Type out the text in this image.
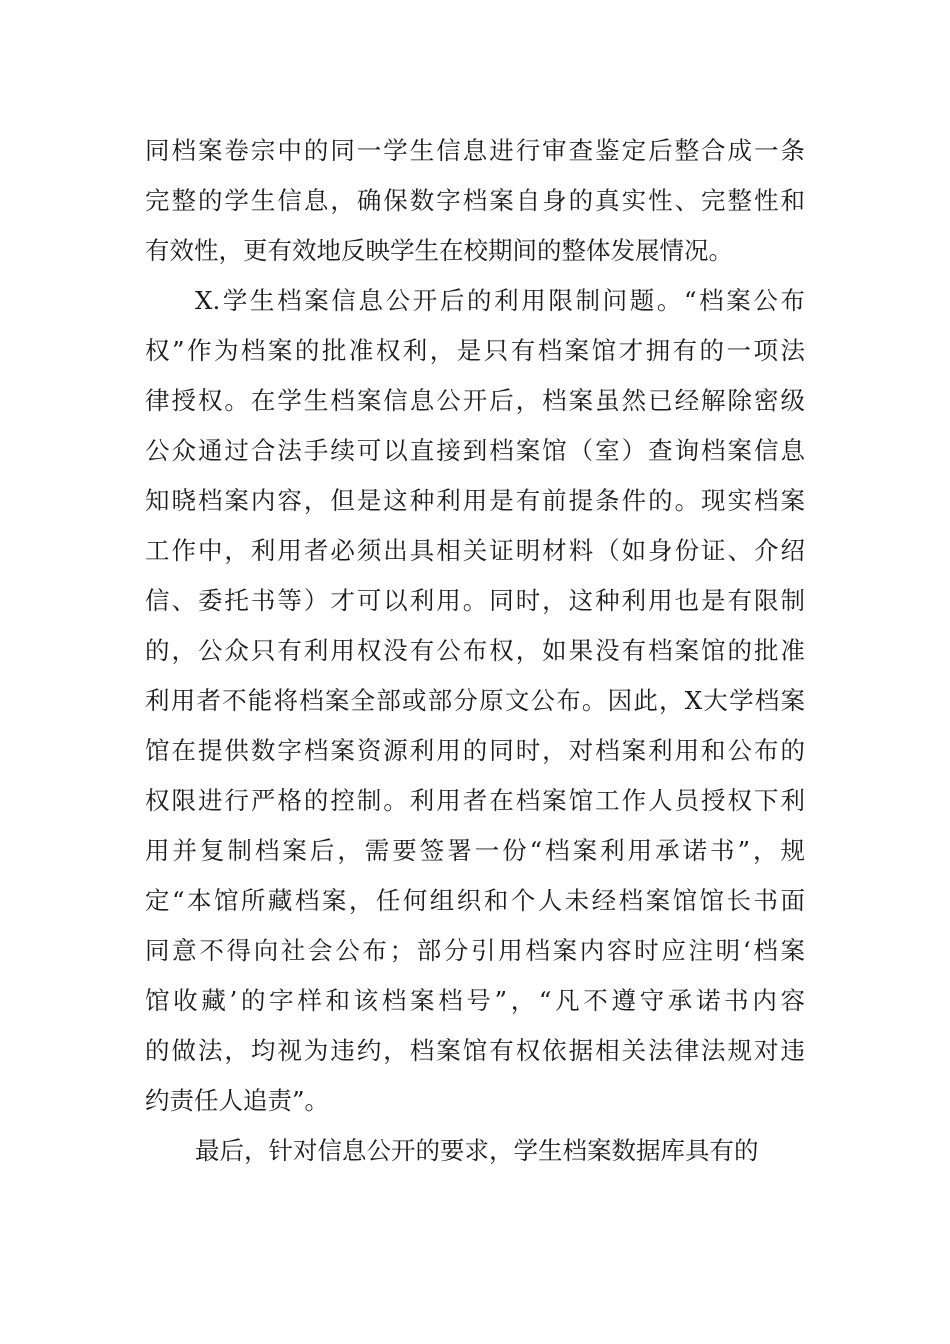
同档案卷宗中的同一学生信息进行审查鉴定后整合成一条
完整的学生信息，确保数字档案自身的真实性、完整性和
有效性，更有效地反映学生在校期间的整体发展情况。
X.学生档案信息公开后的利用限制问题。“档案公布
权”作为档案的批准权利，是只有档案馆才拥有的一项法
律授权。在学生档案信息公开后，档案虽然已经解除密级
公众通过合法手续可以直接到档案馆（室）查询档案信息
知晓档案内容，但是这种利用是有前提条件的。现实档案
工作中，利用者必须出具相关证明材料（如身份证、介绍
信、委托书等）才可以利用。同时，这种利用也是有限制
的，公众只有利用权没有公布权，如果没有档案馆的批准
利用者不能将档案全部或部分原文公布。因此，X大学档案
馆在提供数字档案资源利用的同时，对档案利用和公布的
权限进行严格的控制。利用者在档案馆工作人员授权下利
用并复制档案后，需要签署一份“档案利用承诺书”，规
定“本馆所藏档案，任何组织和个人未经档案馆馆长书面
同意不得向社会公布；部分引用档案内容时应注明‘档案
馆收藏’的字样和该档案档号”，“凡不遵守承诺书内容
的做法，均视为违约，档案馆有权依据相关法律法规对违
约责任人追责”。
最后，针对信息公开的要求，学生档案数据库具有的
